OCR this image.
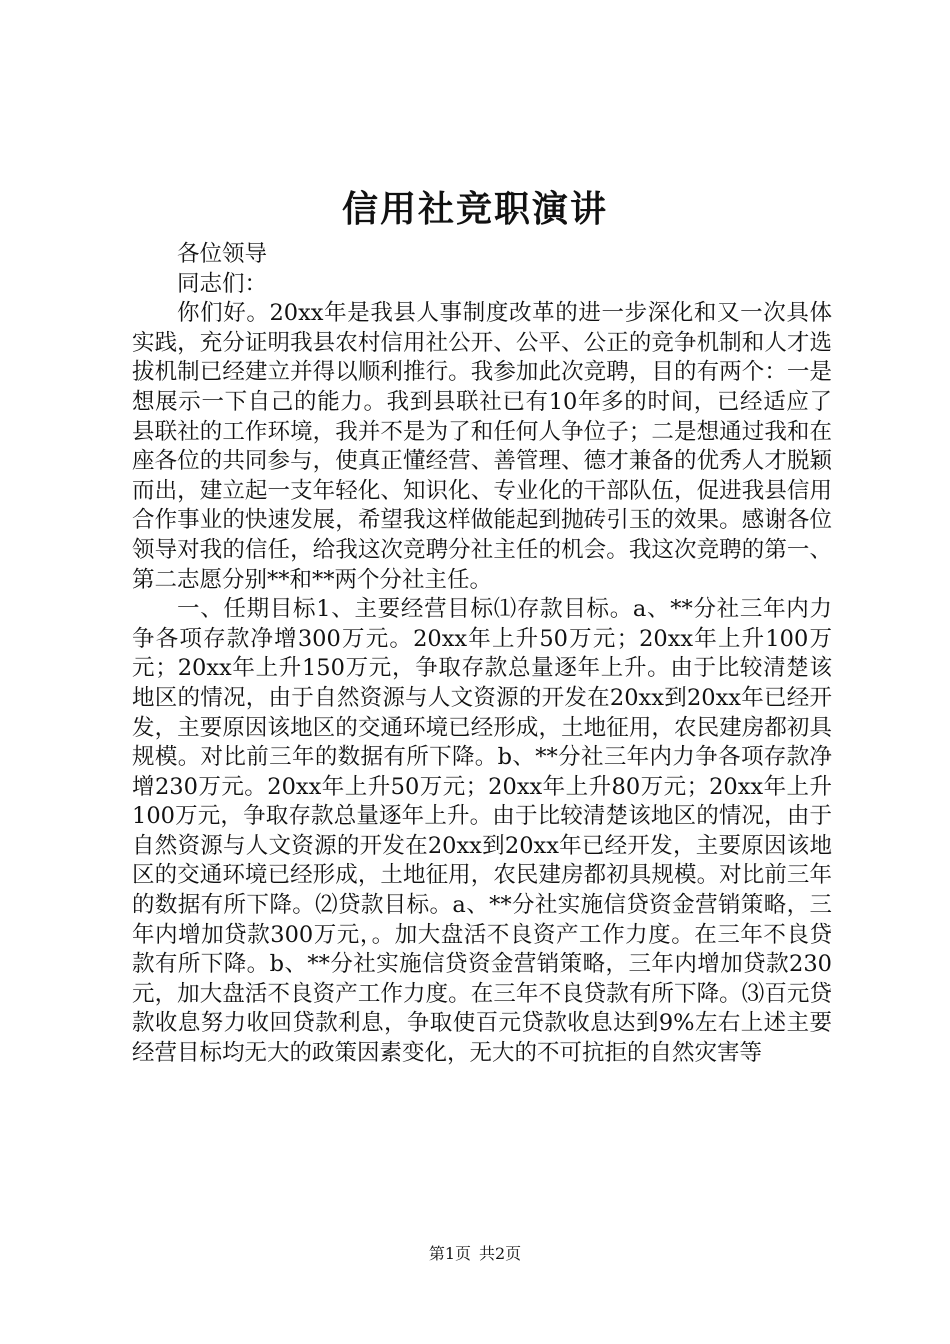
信用社竞职演讲

各位领导

同志们：

你们好。20xx年是我县人事制度改革的进一步深化和又一次具体实践，充分证明我县农村信用社公开、公平、公正的竞争机制和人才选拔机制已经建立并得以顺利推行。我参加此次竞聘，目的有两个：一是想展示一下自己的能力。我到县联社已有10年多的时间，已经适应了县联社的工作环境，我并不是为了和任何人争位子；二是想通过我和在座各位的共同参与，使真正懂经营、善管理、德才兼备的优秀人才脱颖而出，建立起一支年轻化、知识化、专业化的干部队伍，促进我县信用合作事业的快速发展，希望我这样做能起到抛砖引玉的效果。感谢各位领导对我的信任，给我这次竞聘分社主任的机会。我这次竞聘的第一、第二志愿分别**和**两个分社主任。

一、任期目标1、主要经营目标⑴存款目标。a、**分社三年内力争各项存款净增300万元。20xx年上升50万元；20xx年上升100万元；20xx年上升150万元，争取存款总量逐年上升。由于比较清楚该地区的情况，由于自然资源与人文资源的开发在20xx到20xx年已经开发，主要原因该地区的交通环境已经形成，土地征用，农民建房都初具规模。对比前三年的数据有所下降。b、**分社三年内力争各项存款净增230万元。20xx年上升50万元；20xx年上升80万元；20xx年上升100万元，争取存款总量逐年上升。由于比较清楚该地区的情况，由于自然资源与人文资源的开发在20xx到20xx年已经开发，主要原因该地区的交通环境已经形成，土地征用，农民建房都初具规模。对比前三年的数据有所下降。⑵贷款目标。a、**分社实施信贷资金营销策略，三年内增加贷款300万元，。加大盘活不良资产工作力度。在三年不良贷款有所下降。b、**分社实施信贷资金营销策略，三年内增加贷款230元，加大盘活不良资产工作力度。在三年不良贷款有所下降。⑶百元贷款收息努力收回贷款利息，争取使百元贷款收息达到9%左右上述主要经营目标均无大的政策因素变化，无大的不可抗拒的自然灾害等

第1页 共2页
